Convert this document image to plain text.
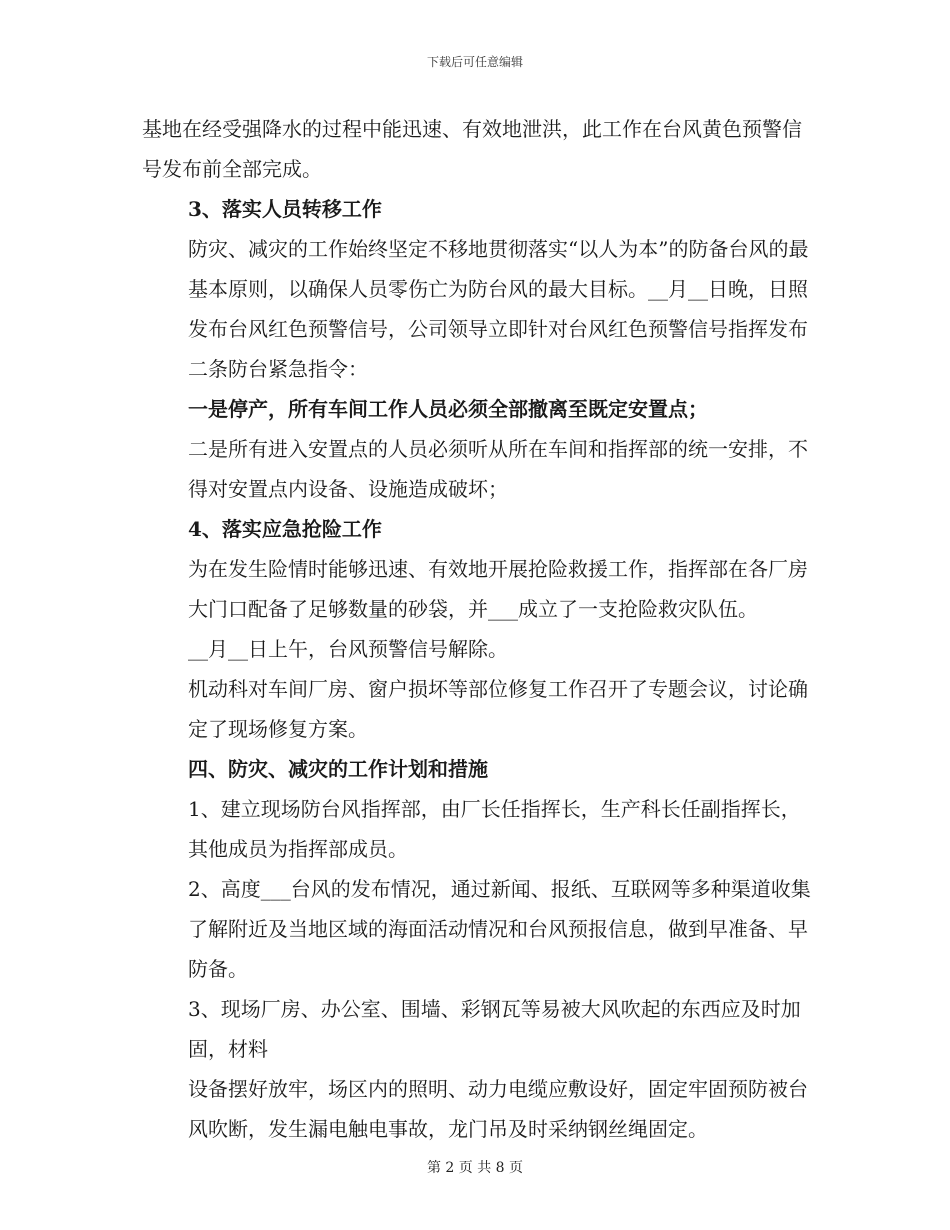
下载后可任意编辑

基地在经受强降水的过程中能迅速、有效地泄洪，此工作在台风黄色预警信号发布前全部完成。

3、落实人员转移工作

防灾、减灾的工作始终坚定不移地贯彻落实“以人为本”的防备台风的最基本原则，以确保人员零伤亡为防台风的最大目标。__月__日晚，日照发布台风红色预警信号，公司领导立即针对台风红色预警信号指挥发布二条防台紧急指令：

一是停产，所有车间工作人员必须全部撤离至既定安置点；

二是所有进入安置点的人员必须听从所在车间和指挥部的统一安排，不得对安置点内设备、设施造成破坏；

4、落实应急抢险工作

为在发生险情时能够迅速、有效地开展抢险救援工作，指挥部在各厂房大门口配备了足够数量的砂袋，并___成立了一支抢险救灾队伍。

__月__日上午，台风预警信号解除。

机动科对车间厂房、窗户损坏等部位修复工作召开了专题会议，讨论确定了现场修复方案。

四、防灾、减灾的工作计划和措施

1、建立现场防台风指挥部，由厂长任指挥长，生产科长任副指挥长，其他成员为指挥部成员。

2、高度___台风的发布情况，通过新闻、报纸、互联网等多种渠道收集了解附近及当地区域的海面活动情况和台风预报信息，做到早准备、早防备。

3、现场厂房、办公室、围墙、彩钢瓦等易被大风吹起的东西应及时加固，材料

设备摆好放牢，场区内的照明、动力电缆应敷设好，固定牢固预防被台风吹断，发生漏电触电事故，龙门吊及时采纳钢丝绳固定。

第 2 页 共 8 页
